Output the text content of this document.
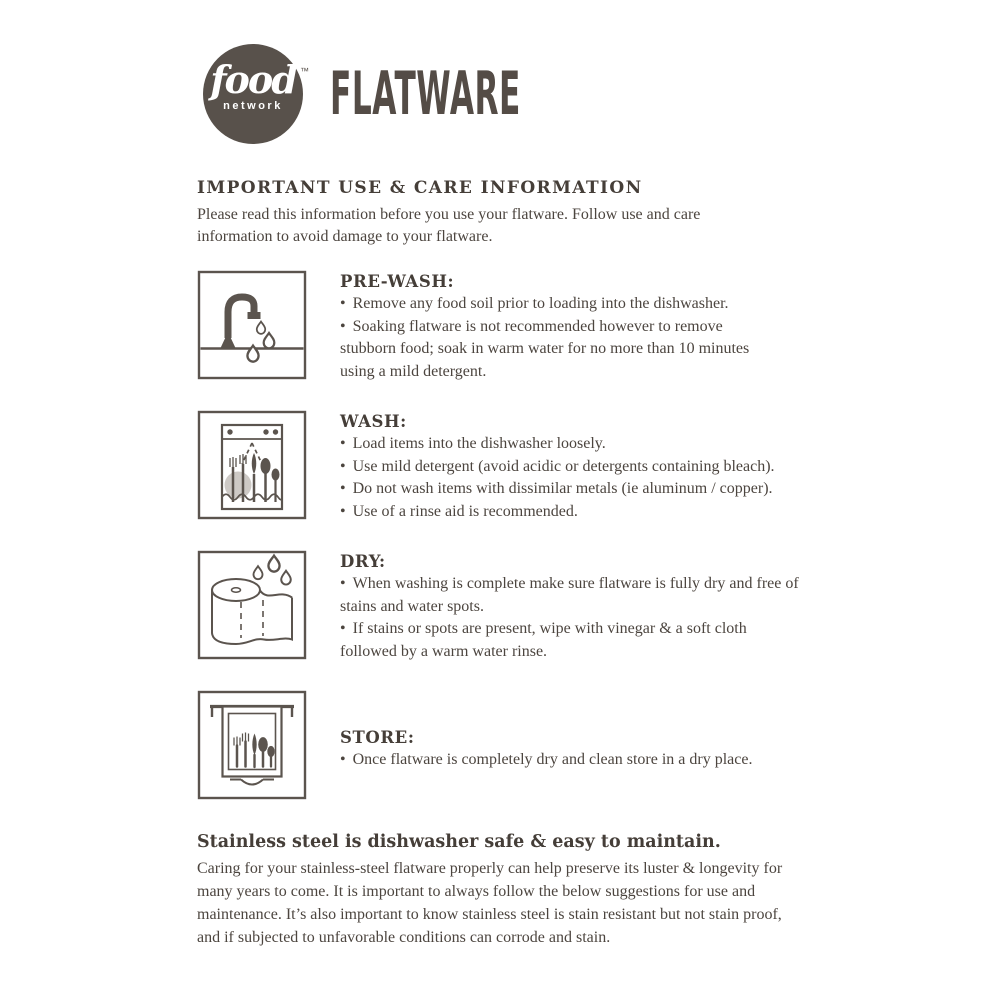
food
network
™ FLATWARE
IMPORTANT USE & CARE INFORMATION

Please read this information before you use your flatware. Follow use and care information to avoid damage to your flatware.

PRE-WASH:

• Remove any food soil prior to loading into the dishwasher.

• Soaking flatware is not recommended however to remove stubborn food; soak in warm water for no more than 10 minutes using a mild detergent.

WASH:

• Load items into the dishwasher loosely.

• Use mild detergent (avoid acidic or detergents containing bleach).

• Do not wash items with dissimilar metals (ie aluminum / copper).

• Use of a rinse aid is recommended.

DRY:

• When washing is complete make sure flatware is fully dry and free of stains and water spots.

• If stains or spots are present, wipe with vinegar & a soft cloth followed by a warm water rinse.

STORE:

• Once flatware is completely dry and clean store in a dry place.

Stainless steel is dishwasher safe & easy to maintain.

Caring for your stainless-steel flatware properly can help preserve its luster & longevity for many years to come. It is important to always follow the below suggestions for use and maintenance. It’s also important to know stainless steel is stain resistant but not stain proof, and if subjected to unfavorable conditions can corrode and stain.
